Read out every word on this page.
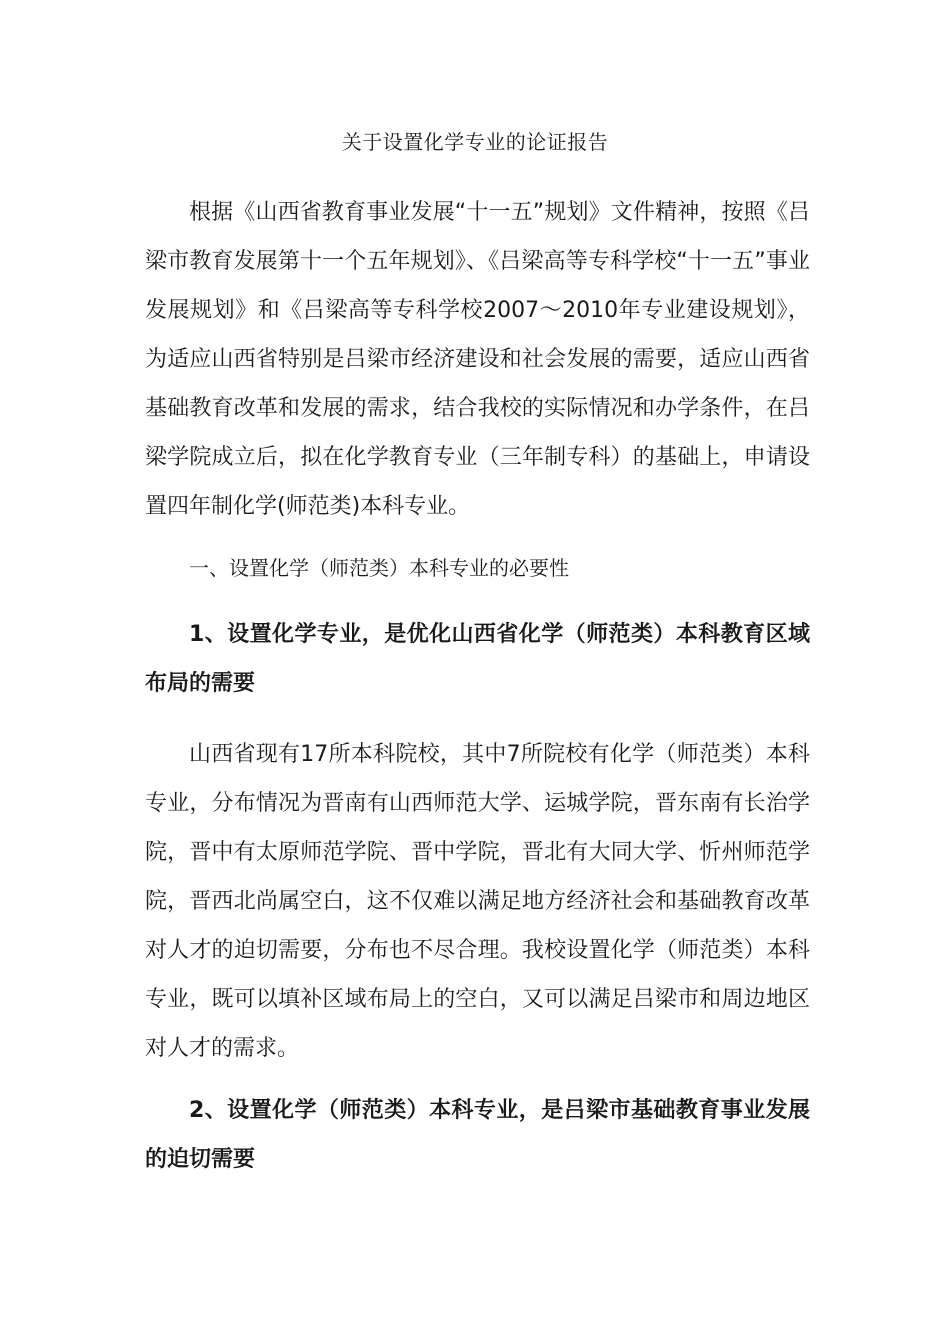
关于设置化学专业的论证报告

根据《山西省教育事业发展“十一五”规划》文件精神，按照《吕梁市教育发展第十一个五年规划》、《吕梁高等专科学校“十一五”事业发展规划》和《吕梁高等专科学校2007～2010年专业建设规划》，为适应山西省特别是吕梁市经济建设和社会发展的需要，适应山西省基础教育改革和发展的需求，结合我校的实际情况和办学条件，在吕梁学院成立后，拟在化学教育专业（三年制专科）的基础上，申请设置四年制化学(师范类)本科专业。

一、设置化学（师范类）本科专业的必要性

1、设置化学专业，是优化山西省化学（师范类）本科教育区域布局的需要

山西省现有17所本科院校，其中7所院校有化学（师范类）本科专业，分布情况为晋南有山西师范大学、运城学院，晋东南有长治学院，晋中有太原师范学院、晋中学院，晋北有大同大学、忻州师范学院，晋西北尚属空白，这不仅难以满足地方经济社会和基础教育改革对人才的迫切需要，分布也不尽合理。我校设置化学（师范类）本科专业，既可以填补区域布局上的空白，又可以满足吕梁市和周边地区对人才的需求。

2、设置化学（师范类）本科专业，是吕梁市基础教育事业发展的迫切需要
